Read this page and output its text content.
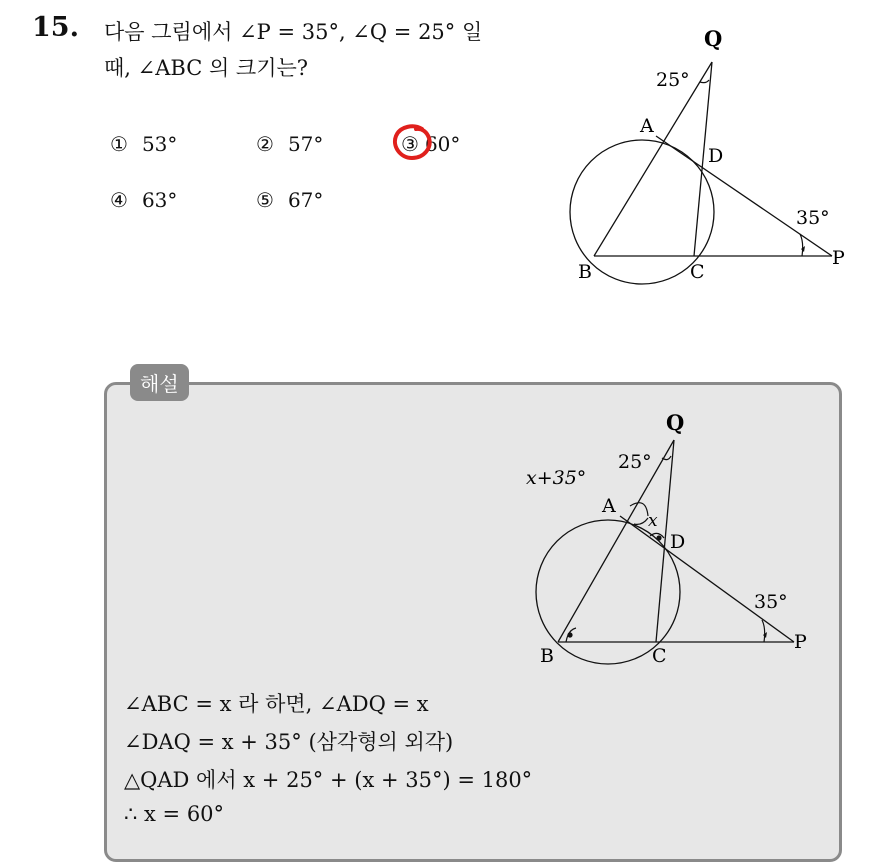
15. 다음 그림에서 ∠P = 35°, ∠Q = 25° 일
때, ∠ABC 의 크기는?
① 53°	② 57°	③ 60°
④ 63°	⑤ 67°
Q
25°
A
D
35°
B	C
P
해설
Q
25°
x+35°
A
x
D
35°
B	C
P
∠ABC = x 라 하면, ∠ADQ = x
∠DAQ = x + 35° (삼각형의 외각)
△QAD 에서 x + 25° + (x + 35°) = 180°
∴ x = 60°
